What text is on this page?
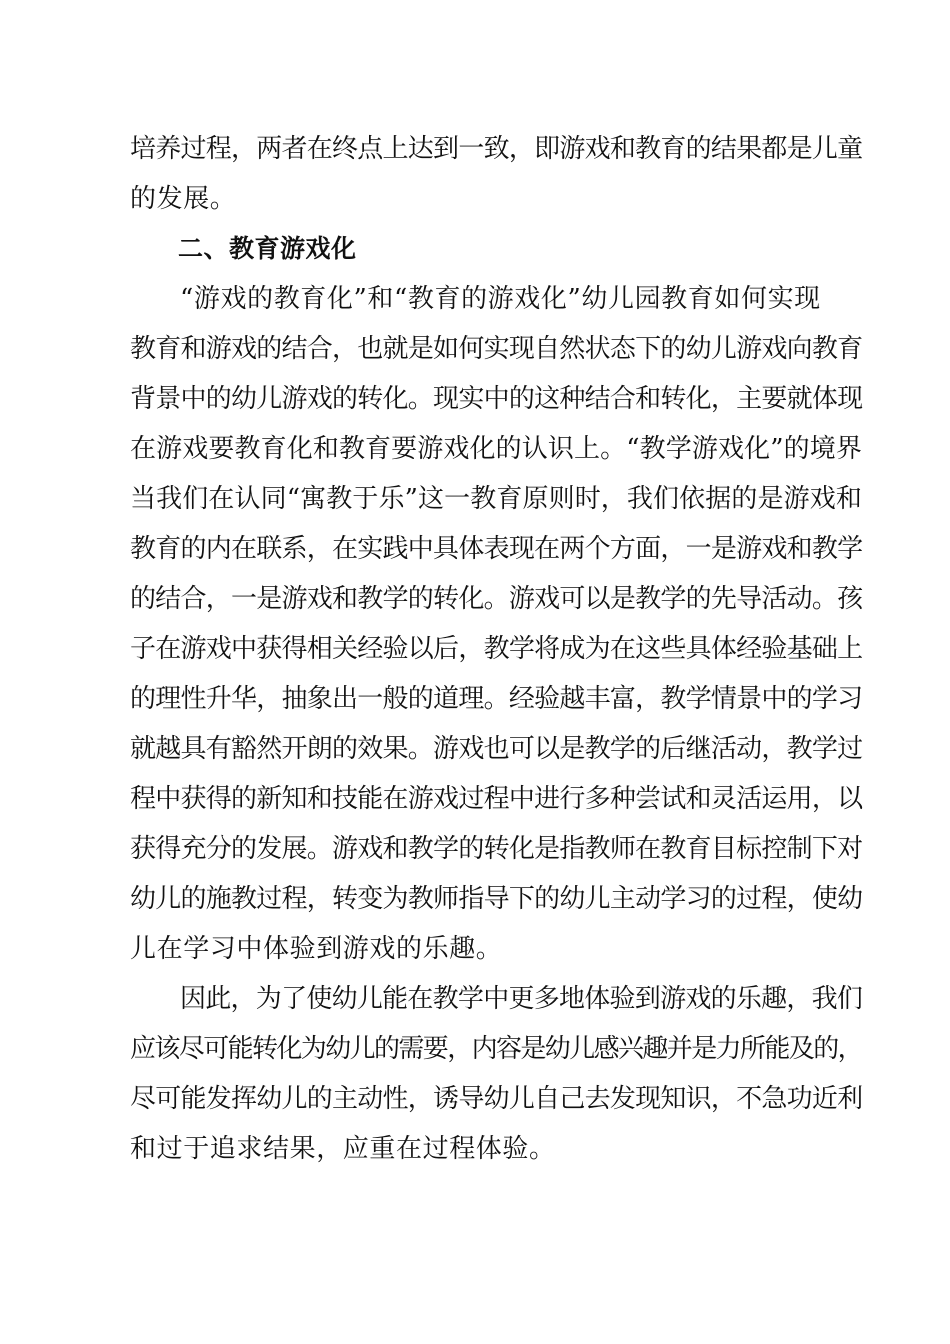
培养过程，两者在终点上达到一致，即游戏和教育的结果都是儿童
的发展。
二、教育游戏化
“游戏的教育化”和“教育的游戏化”幼儿园教育如何实现
教育和游戏的结合，也就是如何实现自然状态下的幼儿游戏向教育
背景中的幼儿游戏的转化。现实中的这种结合和转化，主要就体现
在游戏要教育化和教育要游戏化的认识上。“教学游戏化”的境界
当我们在认同“寓教于乐”这一教育原则时，我们依据的是游戏和
教育的内在联系，在实践中具体表现在两个方面，一是游戏和教学
的结合，一是游戏和教学的转化。游戏可以是教学的先导活动。孩
子在游戏中获得相关经验以后，教学将成为在这些具体经验基础上
的理性升华，抽象出一般的道理。经验越丰富，教学情景中的学习
就越具有豁然开朗的效果。游戏也可以是教学的后继活动，教学过
程中获得的新知和技能在游戏过程中进行多种尝试和灵活运用，以
获得充分的发展。游戏和教学的转化是指教师在教育目标控制下对
幼儿的施教过程，转变为教师指导下的幼儿主动学习的过程，使幼
儿在学习中体验到游戏的乐趣。
因此，为了使幼儿能在教学中更多地体验到游戏的乐趣，我们
应该尽可能转化为幼儿的需要，内容是幼儿感兴趣并是力所能及的，
尽可能发挥幼儿的主动性，诱导幼儿自己去发现知识，不急功近利
和过于追求结果，应重在过程体验。
